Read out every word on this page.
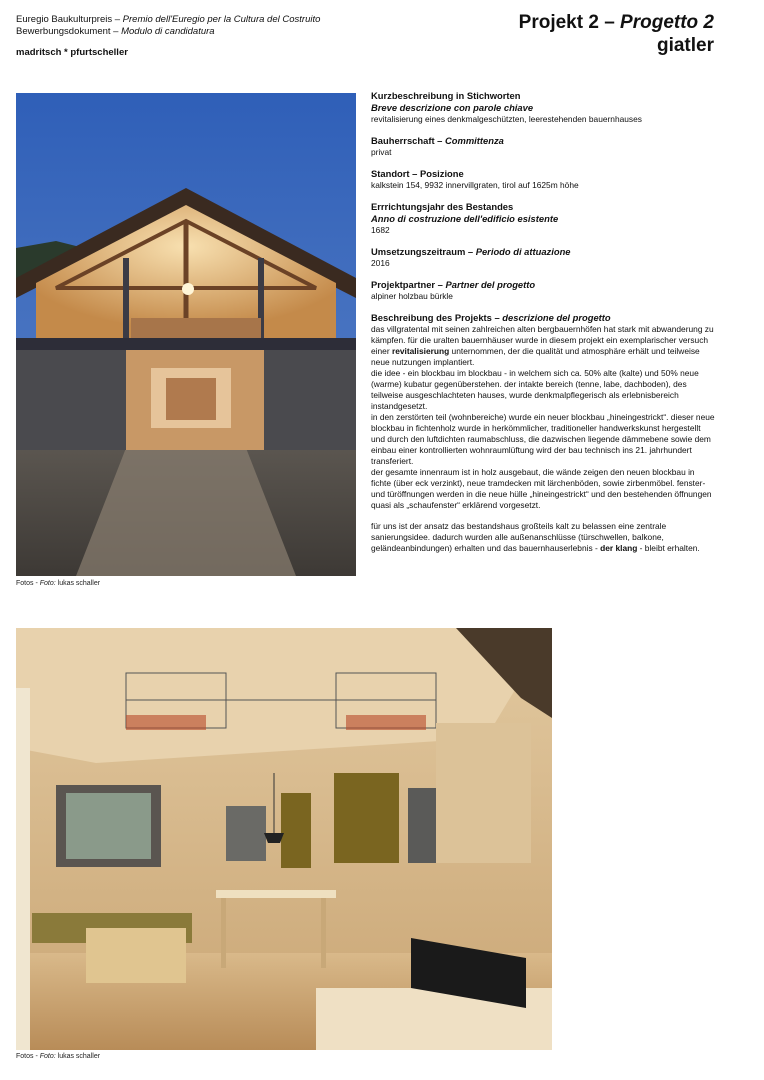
Euregio Baukulturpreis – Premio dell'Euregio per la Cultura del Costruito
Bewerbungsdokument – Modulo di candidatura
madritsch * pfurtscheller
Projekt 2 – Progetto 2
giatler
Fotos - Foto: lukas schaller
Kurzbeschreibung in Stichworten
Breve descrizione con parole chiave
revitalisierung eines denkmalgeschützten, leerestehenden bauernhauses
Bauherrschaft – Committenza
privat
Standort – Posizione
kalkstein 154, 9932 innervillgraten, tirol auf 1625m höhe
Errrichtungsjahr des Bestandes
Anno di costruzione dell'edificio esistente
1682
Umsetzungszeitraum – Periodo di attuazione
2016
Projektpartner – Partner del progetto
alpiner holzbau bürkle
Beschreibung des Projekts – descrizione del progetto

das villgratental mit seinen zahlreichen alten bergbauernhöfen hat stark mit abwanderung zu kämpfen. für die uralten bauernhäuser wurde in diesem projekt ein exemplarischer versuch einer revitalisierung unternommen, der die qualität und atmosphäre erhält und teilweise neue nutzungen implantiert.

die idee - ein blockbau im blockbau - in welchem sich ca. 50% alte (kalte) und 50% neue (warme) kubatur gegenüberstehen. der intakte bereich (tenne, labe, dachboden), des teilweise ausgeschlachteten hauses, wurde denkmalpflegerisch als erlebnisbereich instandgesetzt.

in den zerstörten teil (wohnbereiche) wurde ein neuer blockbau „hineingestrickt“. dieser neue blockbau in fichtenholz wurde in herkömmlicher, traditioneller handwerkskunst hergestellt und durch den luftdichten raumabschluss, die dazwischen liegende dämmebene sowie dem einbau einer kontrollierten wohnraumlüftung wird der bau technisch ins 21. jahrhundert transferiert.

der gesamte innenraum ist in holz ausgebaut, die wände zeigen den neuen blockbau in fichte (über eck verzinkt), neue tramdecken mit lärchenböden, sowie zirbenmöbel. fenster- und türöffnungen werden in die neue hülle „hineingestrickt“ und den bestehenden öffnungen quasi als „schaufenster“ erklärend vorgesetzt.

für uns ist der ansatz das bestandshaus großteils kalt zu belassen eine zentrale sanierungsidee. dadurch wurden alle außenanschlüsse (türschwellen, balkone, geländeanbindungen) erhalten und das bauernhauserlebnis - der klang - bleibt erhalten.

Fotos - Foto: lukas schaller
